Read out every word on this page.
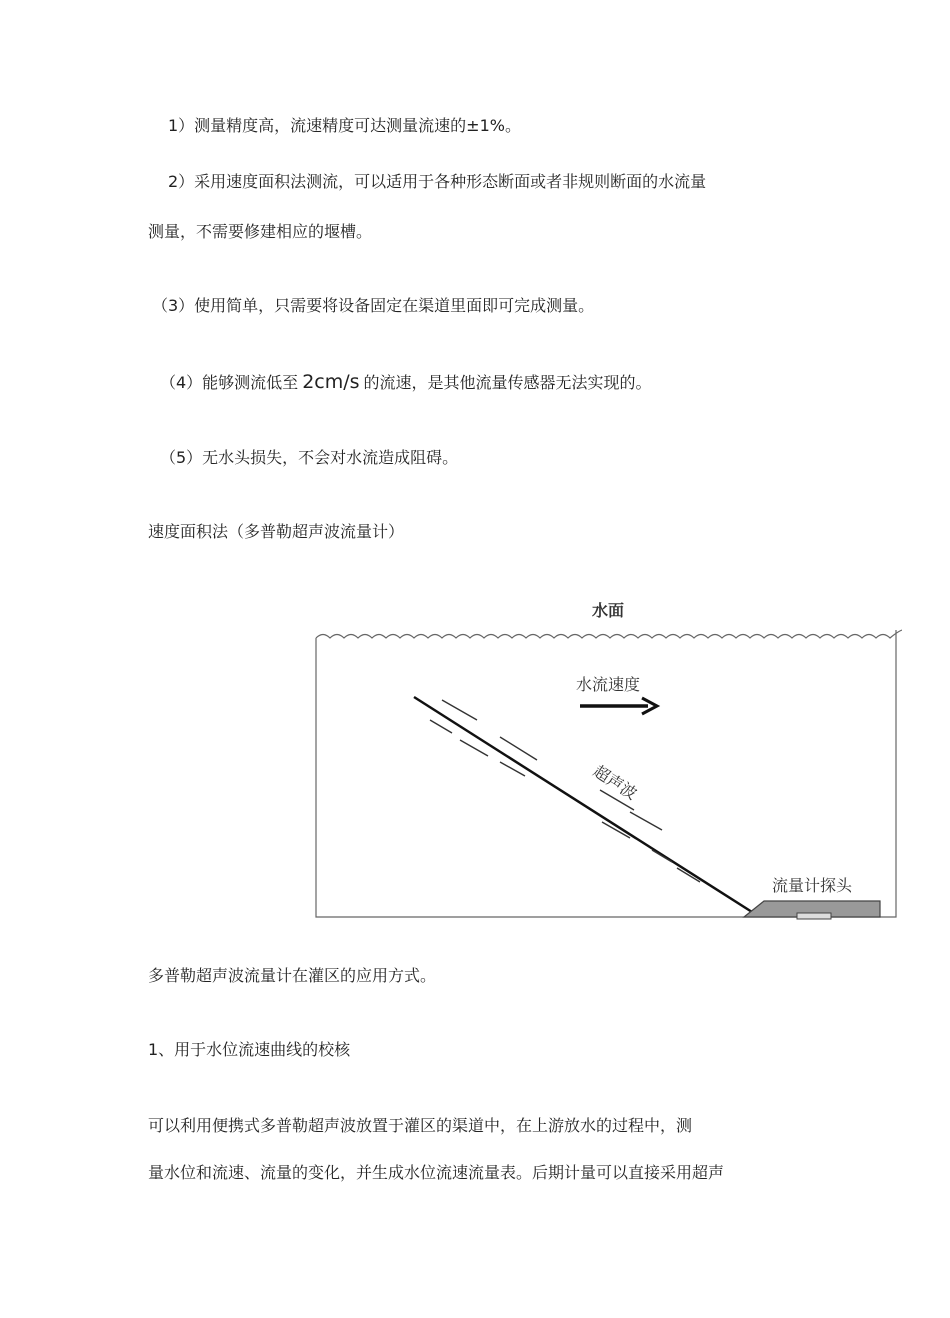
1）测量精度高，流速精度可达测量流速的±1%。
2）采用速度面积法测流，可以适用于各种形态断面或者非规则断面的水流量
测量，不需要修建相应的堰槽。
（3）使用简单，只需要将设备固定在渠道里面即可完成测量。
（4）能够测流低至 2cm/s 的流速，是其他流量传感器无法实现的。
（5）无水头损失，不会对水流造成阻碍。
速度面积法（多普勒超声波流量计）
水面
水流速度
超声波
流量计探头
多普勒超声波流量计在灌区的应用方式。
1、用于水位流速曲线的校核
可以利用便携式多普勒超声波放置于灌区的渠道中，在上游放水的过程中，测
量水位和流速、流量的变化，并生成水位流速流量表。后期计量可以直接采用超声
